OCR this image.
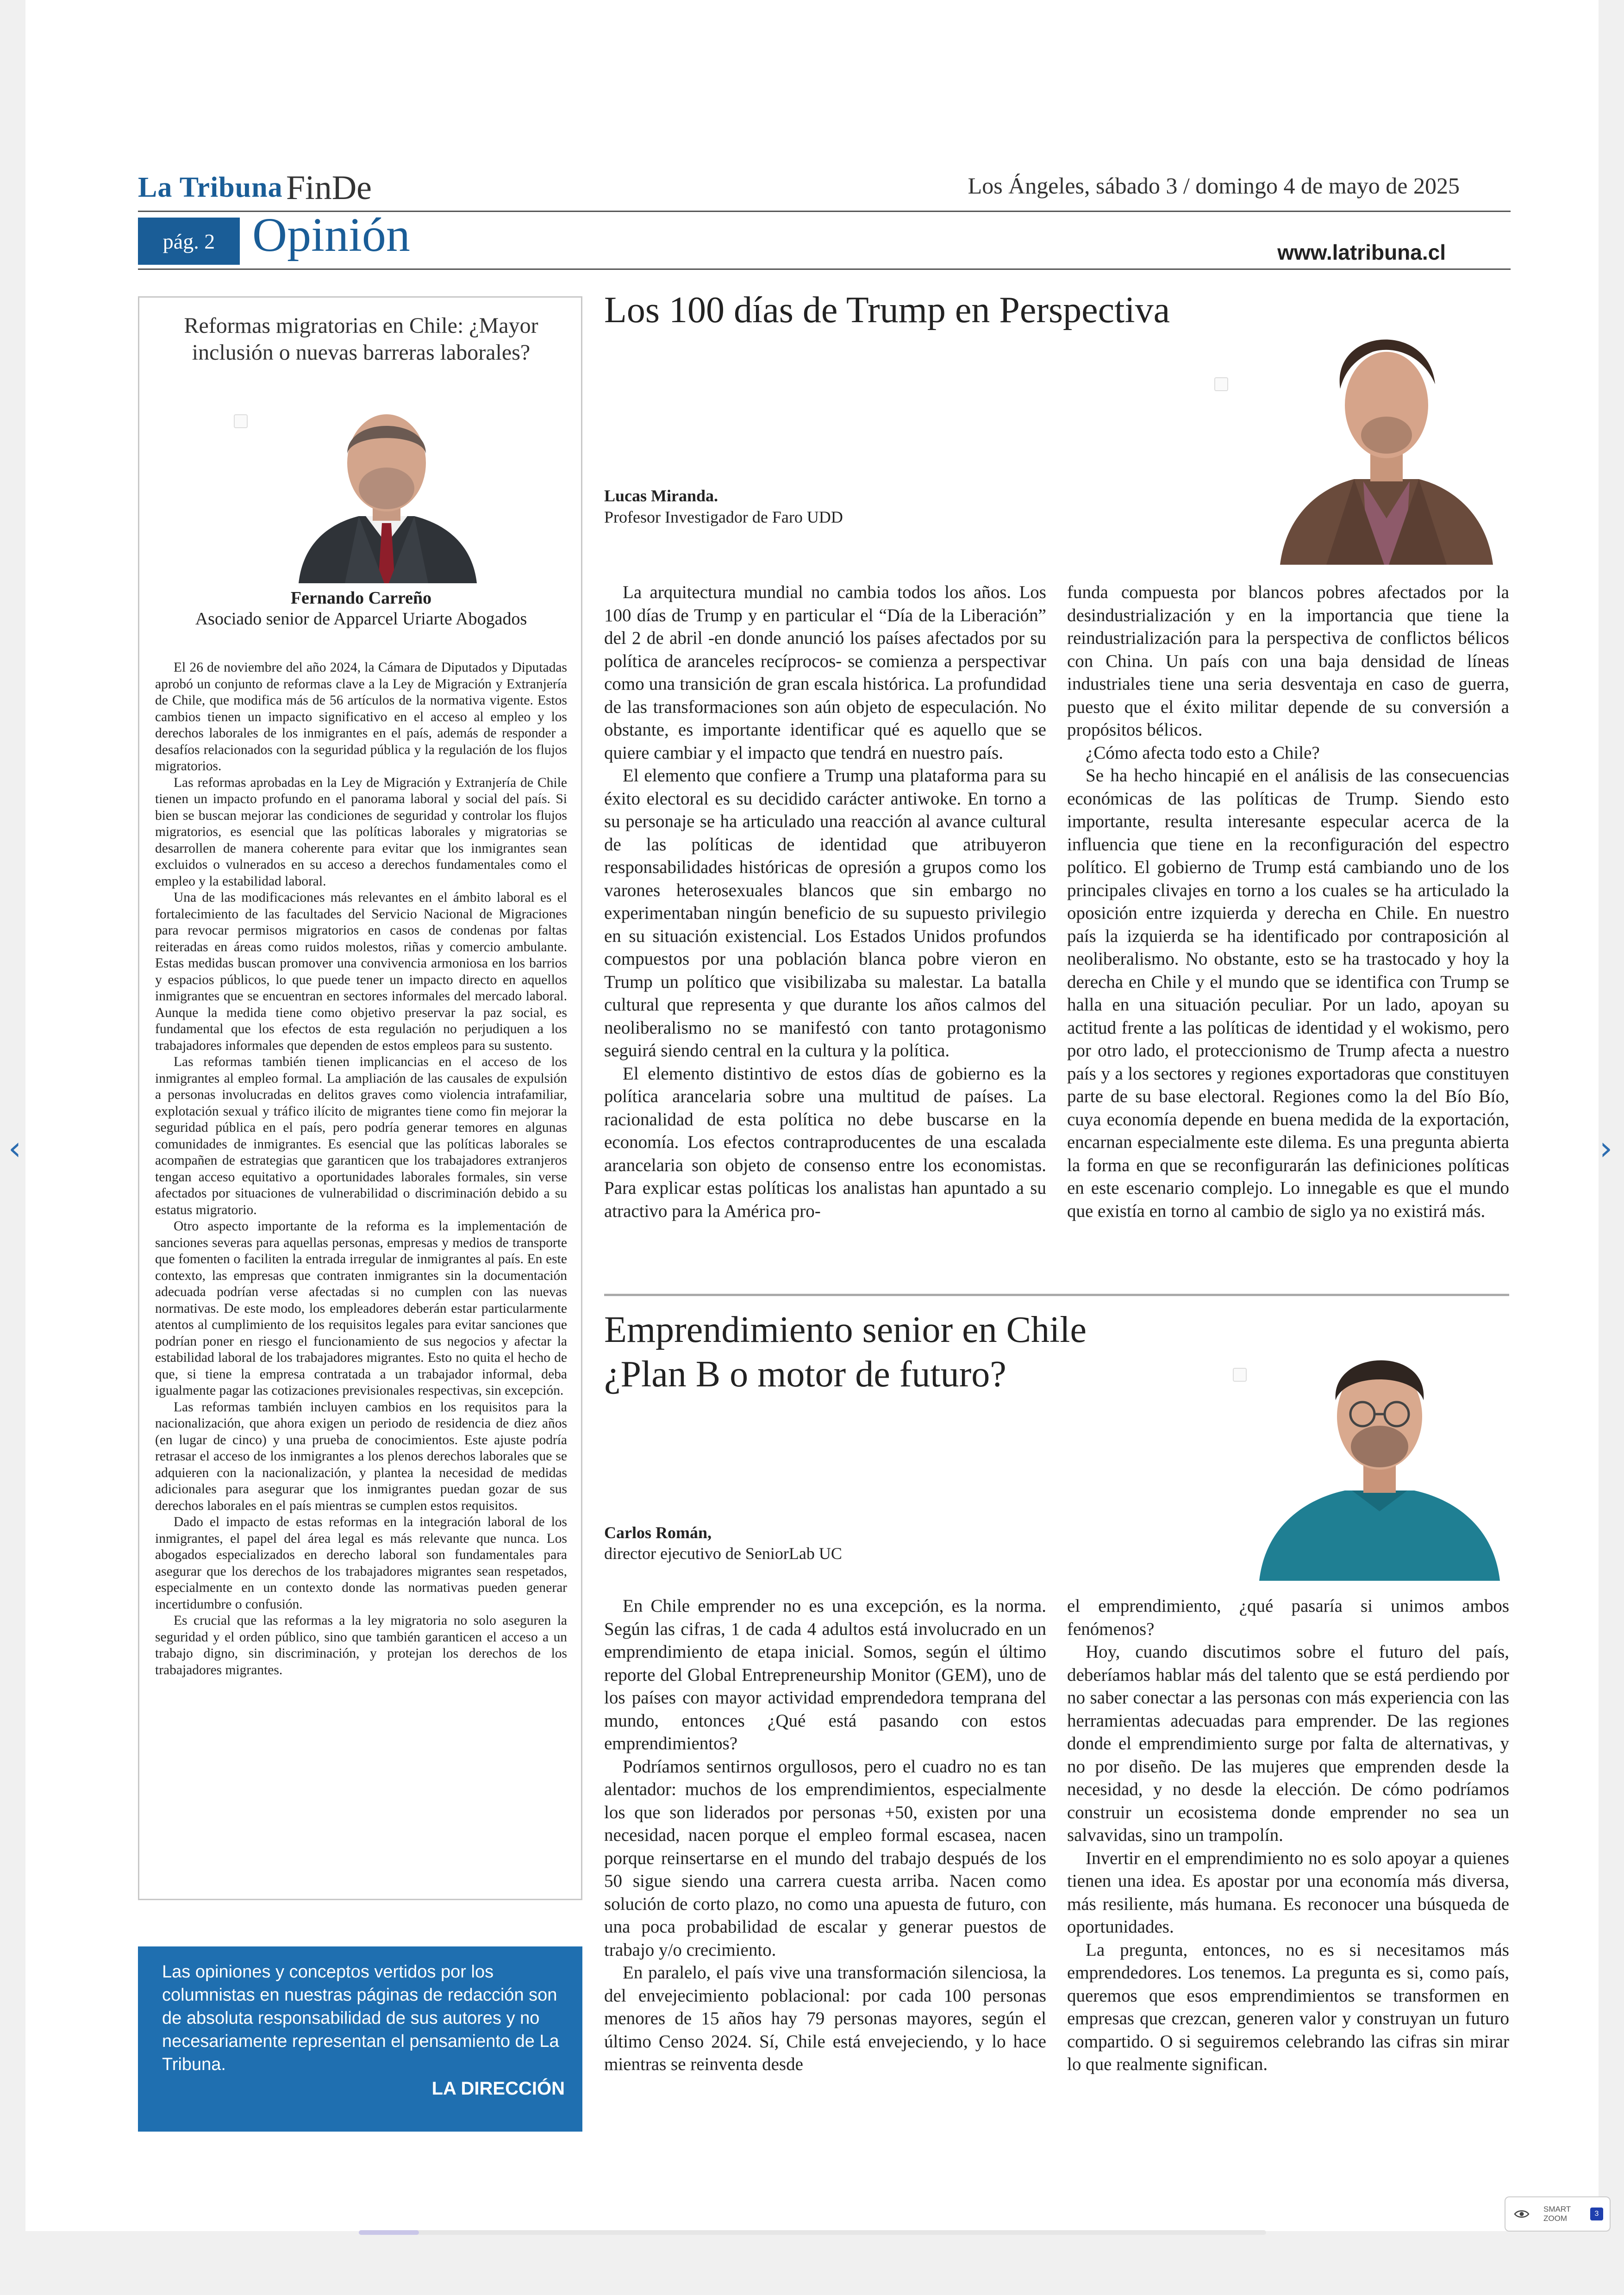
La Tribuna FinDe	Los Ángeles, sábado 3 / domingo 4 de mayo de 2025
pág. 2 Opinión	www.latribuna.cl
Reformas migratorias en Chile: ¿Mayor inclusión o nuevas barreras laborales?
Fernando Carreño
Asociado senior de Apparcel Uriarte Abogados

El 26 de noviembre del año 2024, la Cámara de Diputados y Diputadas aprobó un conjunto de reformas clave a la Ley de Migración y Extranjería de Chile, que modifica más de 56 artículos de la normativa vigente. Estos cambios tienen un impacto significativo en el acceso al empleo y los derechos laborales de los inmigrantes en el país, además de responder a desafíos relacionados con la seguridad pública y la regulación de los flujos migratorios.

Las reformas aprobadas en la Ley de Migración y Extranjería de Chile tienen un impacto profundo en el panorama laboral y social del país. Si bien se buscan mejorar las condiciones de seguridad y controlar los flujos migratorios, es esencial que las políticas laborales y migratorias se desarrollen de manera coherente para evitar que los inmigrantes sean excluidos o vulnerados en su acceso a derechos fundamentales como el empleo y la estabilidad laboral.

Una de las modificaciones más relevantes en el ámbito laboral es el fortalecimiento de las facultades del Servicio Nacional de Migraciones para revocar permisos migratorios en casos de condenas por faltas reiteradas en áreas como ruidos molestos, riñas y comercio ambulante. Estas medidas buscan promover una convivencia armoniosa en los barrios y espacios públicos, lo que puede tener un impacto directo en aquellos inmigrantes que se encuentran en sectores informales del mercado laboral. Aunque la medida tiene como objetivo preservar la paz social, es fundamental que los efectos de esta regulación no perjudiquen a los trabajadores informales que dependen de estos empleos para su sustento.

Las reformas también tienen implicancias en el acceso de los inmigrantes al empleo formal. La ampliación de las causales de expulsión a personas involucradas en delitos graves como violencia intrafamiliar, explotación sexual y tráfico ilícito de migrantes tiene como fin mejorar la seguridad pública en el país, pero podría generar temores en algunas comunidades de inmigrantes. Es esencial que las políticas laborales se acompañen de estrategias que garanticen que los trabajadores extranjeros tengan acceso equitativo a oportunidades laborales formales, sin verse afectados por situaciones de vulnerabilidad o discriminación debido a su estatus migratorio.

Otro aspecto importante de la reforma es la implementación de sanciones severas para aquellas personas, empresas y medios de transporte que fomenten o faciliten la entrada irregular de inmigrantes al país. En este contexto, las empresas que contraten inmigrantes sin la documentación adecuada podrían verse afectadas si no cumplen con las nuevas normativas. De este modo, los empleadores deberán estar particularmente atentos al cumplimiento de los requisitos legales para evitar sanciones que podrían poner en riesgo el funcionamiento de sus negocios y afectar la estabilidad laboral de los trabajadores migrantes. Esto no quita el hecho de que, si tiene la empresa contratada a un trabajador informal, deba igualmente pagar las cotizaciones previsionales respectivas, sin excepción.

Las reformas también incluyen cambios en los requisitos para la nacionalización, que ahora exigen un periodo de residencia de diez años (en lugar de cinco) y una prueba de conocimientos. Este ajuste podría retrasar el acceso de los inmigrantes a los plenos derechos laborales que se adquieren con la nacionalización, y plantea la necesidad de medidas adicionales para asegurar que los inmigrantes puedan gozar de sus derechos laborales en el país mientras se cumplen estos requisitos.

Dado el impacto de estas reformas en la integración laboral de los inmigrantes, el papel del área legal es más relevante que nunca. Los abogados especializados en derecho laboral son fundamentales para asegurar que los derechos de los trabajadores migrantes sean respetados, especialmente en un contexto donde las normativas pueden generar incertidumbre o confusión.

Es crucial que las reformas a la ley migratoria no solo aseguren la seguridad y el orden público, sino que también garanticen el acceso a un trabajo digno, sin discriminación, y protejan los derechos de los trabajadores migrantes.

Las opiniones y conceptos vertidos por los columnistas en nuestras páginas de redacción son de absoluta responsabilidad de sus autores y no necesariamente representan el pensamiento de La Tribuna.
LA DIRECCIÓN
Los 100 días de Trump en Perspectiva
Lucas Miranda.
Profesor Investigador de Faro UDD

La arquitectura mundial no cambia todos los años. Los 100 días de Trump y en particular el “Día de la Liberación” del 2 de abril -en donde anunció los países afectados por su política de aranceles recíprocos- se comienza a perspectivar como una transición de gran escala histórica. La profundidad de las transformaciones son aún objeto de especulación. No obstante, es importante identificar qué es aquello que se quiere cambiar y el impacto que tendrá en nuestro país.

El elemento que confiere a Trump una plataforma para su éxito electoral es su decidido carácter antiwoke. En torno a su personaje se ha articulado una reacción al avance cultural de las políticas de identidad que atribuyeron responsabilidades históricas de opresión a grupos como los varones heterosexuales blancos que sin embargo no experimentaban ningún beneficio de su supuesto privilegio en su situación existencial. Los Estados Unidos profundos compuestos por una población blanca pobre vieron en Trump un político que visibilizaba su malestar. La batalla cultural que representa y que durante los años calmos del neoliberalismo no se manifestó con tanto protagonismo seguirá siendo central en la cultura y la política.

El elemento distintivo de estos días de gobierno es la política arancelaria sobre una multitud de países. La racionalidad de esta política no debe buscarse en la economía. Los efectos contraproducentes de una escalada arancelaria son objeto de consenso entre los economistas. Para explicar estas políticas los analistas han apuntado a su atractivo para la América pro-

funda compuesta por blancos pobres afectados por la desindustrialización y en la importancia que tiene la reindustrialización para la perspectiva de conflictos bélicos con China. Un país con una baja densidad de líneas industriales tiene una seria desventaja en caso de guerra, puesto que el éxito militar depende de su conversión a propósitos bélicos.

¿Cómo afecta todo esto a Chile?

Se ha hecho hincapié en el análisis de las consecuencias económicas de las políticas de Trump. Siendo esto importante, resulta interesante especular acerca de la influencia que tiene en la reconfiguración del espectro político. El gobierno de Trump está cambiando uno de los principales clivajes en torno a los cuales se ha articulado la oposición entre izquierda y derecha en Chile. En nuestro país la izquierda se ha identificado por contraposición al neoliberalismo. No obstante, esto se ha trastocado y hoy la derecha en Chile y el mundo que se identifica con Trump se halla en una situación peculiar. Por un lado, apoyan su actitud frente a las políticas de identidad y el wokismo, pero por otro lado, el proteccionismo de Trump afecta a nuestro país y a los sectores y regiones exportadoras que constituyen parte de su base electoral. Regiones como la del Bío Bío, cuya economía depende en buena medida de la exportación, encarnan especialmente este dilema. Es una pregunta abierta la forma en que se reconfigurarán las definiciones políticas en este escenario complejo. Lo innegable es que el mundo que existía en torno al cambio de siglo ya no existirá más.

Emprendimiento senior en Chile
¿Plan B o motor de futuro?
Carlos Román,
director ejecutivo de SeniorLab UC

En Chile emprender no es una excepción, es la norma. Según las cifras, 1 de cada 4 adultos está involucrado en un emprendimiento de etapa inicial. Somos, según el último reporte del Global Entrepreneurship Monitor (GEM), uno de los países con mayor actividad emprendedora temprana del mundo, entonces ¿Qué está pasando con estos emprendimientos?

Podríamos sentirnos orgullosos, pero el cuadro no es tan alentador: muchos de los emprendimientos, especialmente los que son liderados por personas +50, existen por una necesidad, nacen porque el empleo formal escasea, nacen porque reinsertarse en el mundo del trabajo después de los 50 sigue siendo una carrera cuesta arriba. Nacen como solución de corto plazo, no como una apuesta de futuro, con una poca probabilidad de escalar y generar puestos de trabajo y/o crecimiento.

En paralelo, el país vive una transformación silenciosa, la del envejecimiento poblacional: por cada 100 personas menores de 15 años hay 79 personas mayores, según el último Censo 2024. Sí, Chile está envejeciendo, y lo hace mientras se reinventa desde

el emprendimiento, ¿qué pasaría si unimos ambos fenómenos?

Hoy, cuando discutimos sobre el futuro del país, deberíamos hablar más del talento que se está perdiendo por no saber conectar a las personas con más experiencia con las herramientas adecuadas para emprender. De las regiones donde el emprendimiento surge por falta de alternativas, y no por diseño. De las mujeres que emprenden desde la necesidad, y no desde la elección. De cómo podríamos construir un ecosistema donde emprender no sea un salvavidas, sino un trampolín.

Invertir en el emprendimiento no es solo apoyar a quienes tienen una idea. Es apostar por una economía más diversa, más resiliente, más humana. Es reconocer una búsqueda de oportunidades.

La pregunta, entonces, no es si necesitamos más emprendedores. Los tenemos. La pregunta es si, como país, queremos que esos emprendimientos se transformen en empresas que crezcan, generen valor y construyan un futuro compartido. O si seguiremos celebrando las cifras sin mirar lo que realmente significan.

‹	›
SMART
ZOOM
3
